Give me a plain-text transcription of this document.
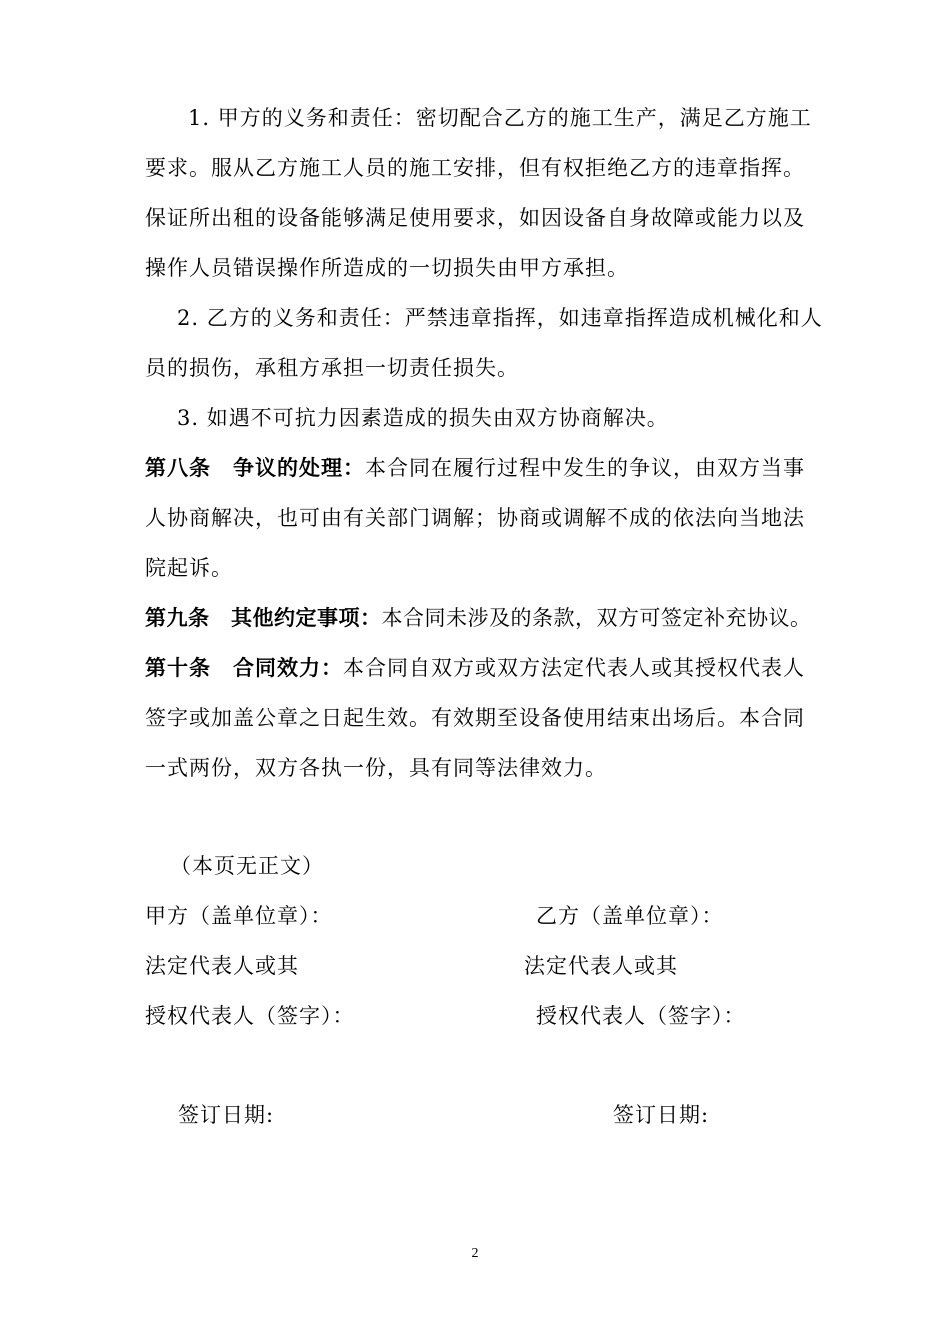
1. 甲方的义务和责任：密切配合乙方的施工生产，满足乙方施工
要求。服从乙方施工人员的施工安排，但有权拒绝乙方的违章指挥。
保证所出租的设备能够满足使用要求，如因设备自身故障或能力以及
操作人员错误操作所造成的一切损失由甲方承担。
2. 乙方的义务和责任：严禁违章指挥，如违章指挥造成机械化和人
员的损伤，承租方承担一切责任损失。
3. 如遇不可抗力因素造成的损失由双方协商解决。
第八条　争议的处理：本合同在履行过程中发生的争议，由双方当事
人协商解决，也可由有关部门调解；协商或调解不成的依法向当地法
院起诉。
第九条　其他约定事项：本合同未涉及的条款，双方可签定补充协议。
第十条　合同效力：本合同自双方或双方法定代表人或其授权代表人
签字或加盖公章之日起生效。有效期至设备使用结束出场后。本合同
一式两份，双方各执一份，具有同等法律效力。
（本页无正文）
甲方（盖单位章）：	乙方（盖单位章）：
法定代表人或其	法定代表人或其
授权代表人（签字）：	授权代表人（签字）：
签订日期:	签订日期:
2
